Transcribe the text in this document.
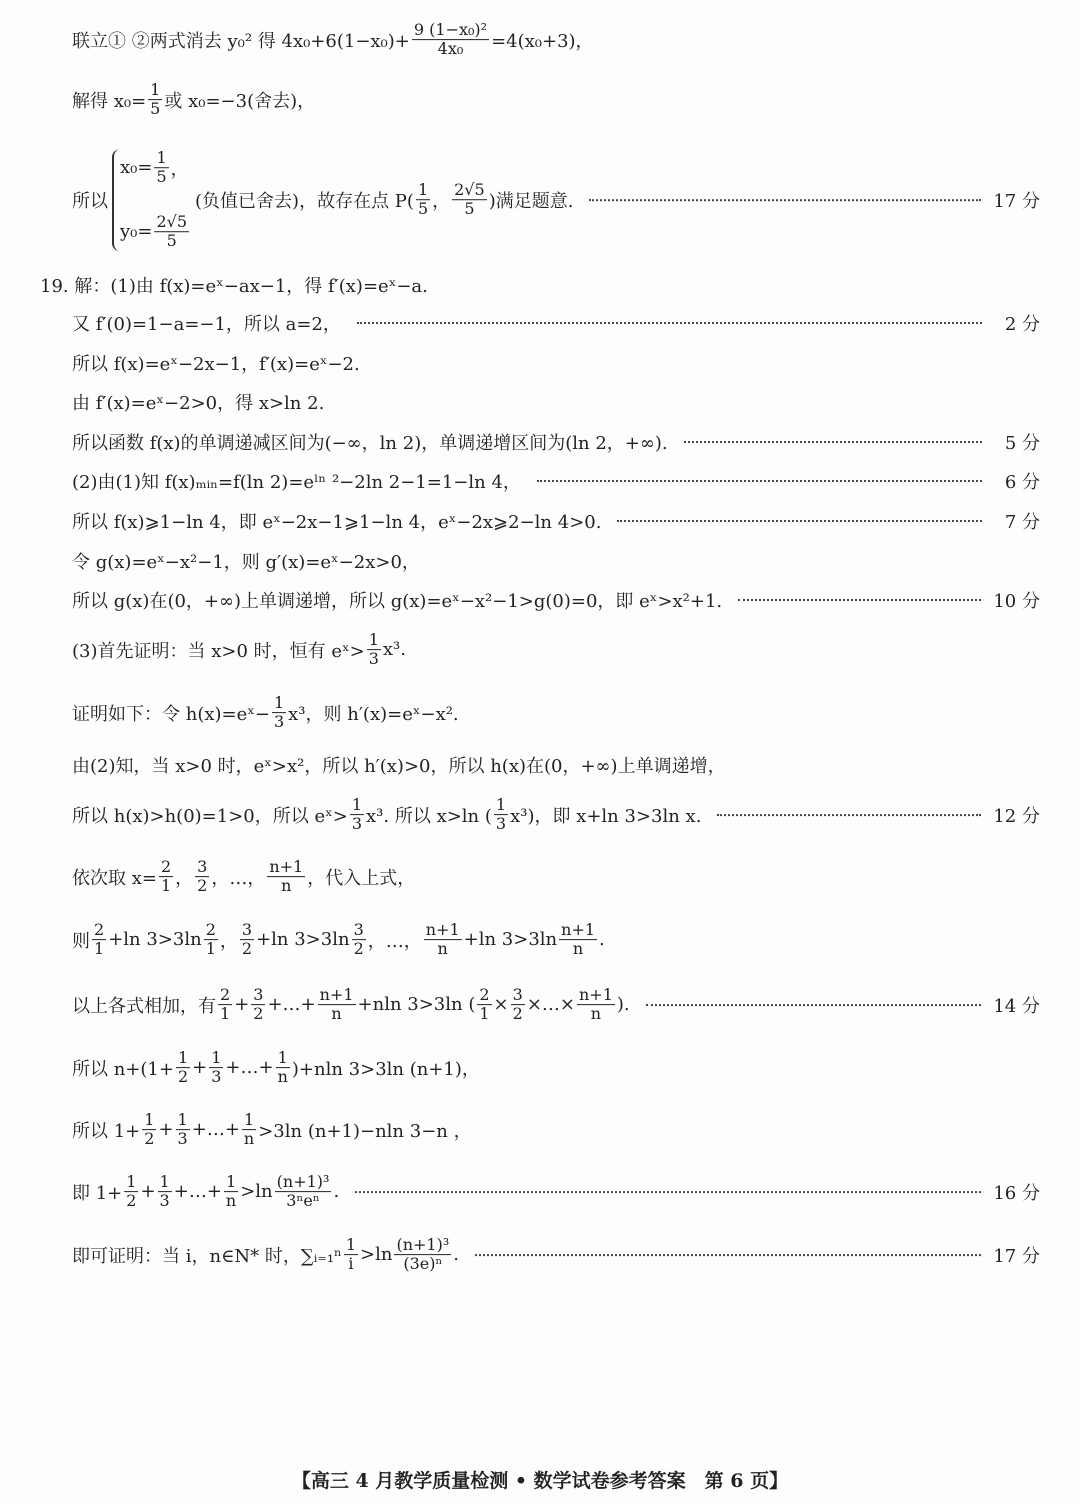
联立① ②两式消去 y₀² 得 $4x_0+6(1-x_0)+ \frac{\text{9 (1−x₀)²}}{\text{4x₀}} =4(x_0+3)$，
解得 $x_0= \frac{1}{5}$ 或 x₀=−3(舍去)，
所以
$x_0= \frac{1}{5}$ ，
$y_0= \frac{2√5}{5}$
(负值已舍去)，故存在点 $P( \frac{1}{5}$ ， $\frac{2√5}{5}$ )满足题意.	17 分
19. 解：(1)由 f(x)=eˣ−ax−1，得 f′(x)=eˣ−a.
又 f′(0)=1−a=−1，所以 a=2，	2 分
所以 f(x)=eˣ−2x−1，f′(x)=eˣ−2.
由 f′(x)=eˣ−2>0，得 x>ln 2.
所以函数 f(x)的单调递减区间为(−∞，ln 2)，单调递增区间为(ln 2，+∞).	5 分
(2)由(1)知 f(x)ₘᵢₙ=f(ln 2)=eˡⁿ ²−2ln 2−1=1−ln 4，	6 分
所以 f(x)⩾1−ln 4，即 eˣ−2x−1⩾1−ln 4，eˣ−2x⩾2−ln 4>0.	7 分
令 g(x)=eˣ−x²−1，则 g′(x)=eˣ−2x>0，
所以 g(x)在(0，+∞)上单调递增，所以 g(x)=eˣ−x²−1>g(0)=0，即 eˣ>x²+1.	10 分
(3)首先证明：当 x>0 时，恒有 eˣ> $\frac{1}{3} x^3$.
证明如下：令 h(x)=eˣ− $\frac{1}{3} x^3$，则 h′(x)=eˣ−x².
由(2)知，当 x>0 时，eˣ>x²，所以 h′(x)>0，所以 h(x)在(0，+∞)上单调递增，
所以 h(x)>h(0)=1>0，所以 eˣ> $\frac{1}{3} x^3$. 所以 x>ln ( $\frac{1}{3} x^3$)，即 x+ln 3>3ln x.	12 分
依次取 $x= \frac{2}{1}$ ， $\frac{3}{2}$ ，…， $\frac{n+1}{n}$ ，代入上式，
则 $\frac{2}{1} +\ln$ $3>3\ln \frac{2}{1}$ ， $\frac{3}{2} +\ln$ $3>3\ln \frac{3}{2}$ ，…， $\frac{n+1}{n} +\ln$ $3>3\ln \frac{n+1}{n}$ .
以上各式相加，有 $\frac{2}{1} + \frac{3}{2}$ +…+ $\frac{n+1}{n} +nln$ 3>3ln ( $\frac{2}{1} \times \frac{3}{2}$ ×…× $\frac{n+1}{n}$ ).	14 分
所以 $n+(1+ \frac{1}{2} + \frac{1}{3}$ +…+ $\frac{1}{n} )+nln$ 3>3ln (n+1)，
所以 $1+ \frac{1}{2} + \frac{1}{3}$ +…+ $\frac{1}{n} >3\ln$ (n+1)−nln 3−n ，
即 $1+ \frac{1}{2} + \frac{1}{3}$ +…+ $\frac{1}{n} >\ln \frac{\text{(n+1)³}}{\text{3ⁿeⁿ}}$ .	16 分
即可证明：当 i，n∈N* 时，∑ᵢ₌₁ⁿ $\frac{1}{i} >\ln \frac{\text{(n+1)³}}{\text{(3e)ⁿ}}$ .	17 分
【高三 4 月教学质量检测 • 数学试卷参考答案　第 6 页】
